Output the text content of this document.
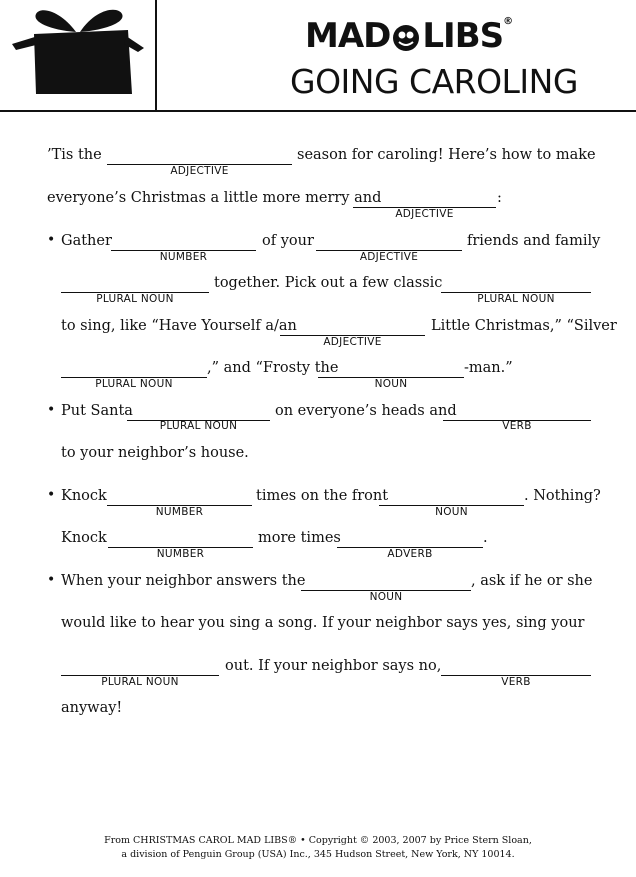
MAD LIBS®
GOING CAROLING
’Tis the
ADJECTIVE
season for caroling! Here’s how to make
everyone’s Christmas a little more merry and
ADJECTIVE
:
• Gather
NUMBER
of your
ADJECTIVE
friends and family
PLURAL NOUN
together. Pick out a few classic
PLURAL NOUN
to sing, like “Have Yourself a/an
ADJECTIVE
Little Christmas,” “Silver
PLURAL NOUN
,” and “Frosty the
NOUN
-man.”
• Put Santa
PLURAL NOUN
on everyone’s heads and
VERB
to your neighbor’s house.
• Knock
NUMBER
times on the front
NOUN
. Nothing?
Knock
NUMBER
more times
ADVERB
.
• When your neighbor answers the
NOUN
, ask if he or she
would like to hear you sing a song. If your neighbor says yes, sing your
PLURAL NOUN
out. If your neighbor says no,
VERB
anyway!
From CHRISTMAS CAROL MAD LIBS® • Copyright © 2003, 2007 by Price Stern Sloan,
a division of Penguin Group (USA) Inc., 345 Hudson Street, New York, NY 10014.
